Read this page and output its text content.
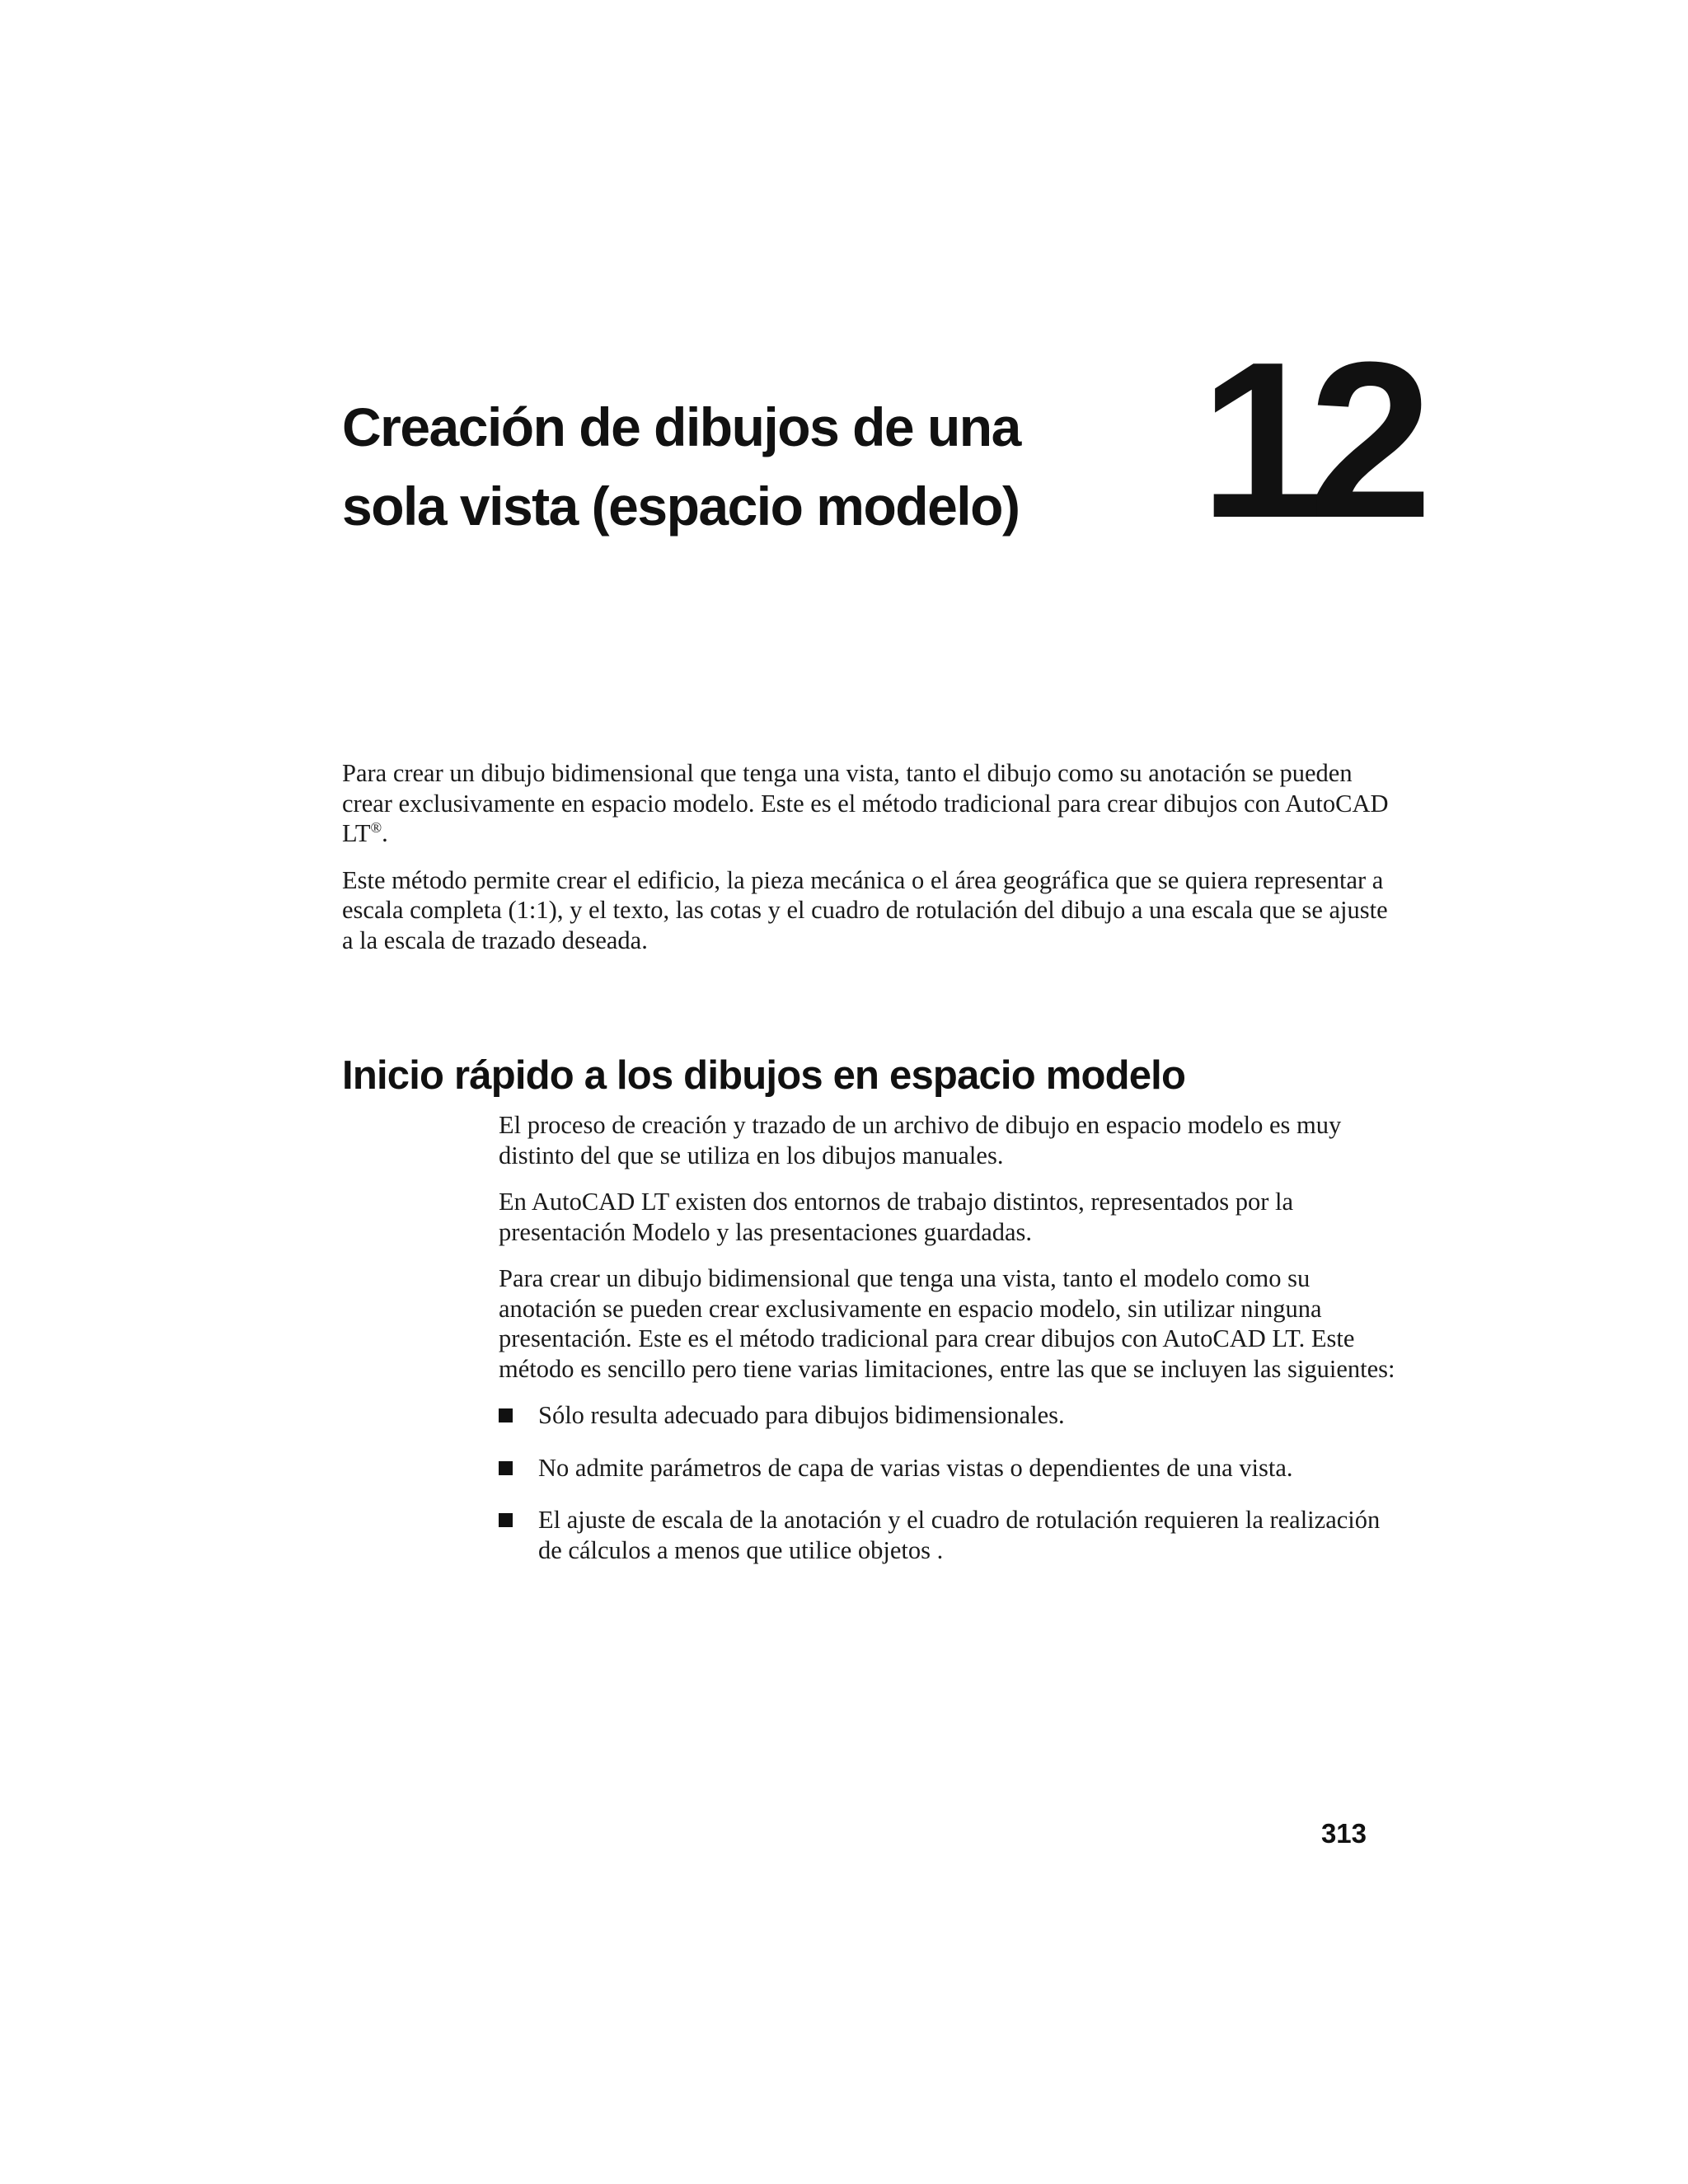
Creación de dibujos de una
sola vista (espacio modelo) 12

Para crear un dibujo bidimensional que tenga una vista, tanto el dibujo como su anotación se pueden crear exclusivamente en espacio modelo. Este es el método tradicional para crear dibujos con AutoCAD LT®.

Este método permite crear el edificio, la pieza mecánica o el área geográfica que se quiera representar a escala completa (1:1), y el texto, las cotas y el cuadro de rotulación del dibujo a una escala que se ajuste a la escala de trazado deseada.

Inicio rápido a los dibujos en espacio modelo

El proceso de creación y trazado de un archivo de dibujo en espacio modelo es muy distinto del que se utiliza en los dibujos manuales.

En AutoCAD LT existen dos entornos de trabajo distintos, representados por la presentación Modelo y las presentaciones guardadas.

Para crear un dibujo bidimensional que tenga una vista, tanto el modelo como su anotación se pueden crear exclusivamente en espacio modelo, sin utilizar ninguna presentación. Este es el método tradicional para crear dibujos con AutoCAD LT. Este método es sencillo pero tiene varias limitaciones, entre las que se incluyen las siguientes:

Sólo resulta adecuado para dibujos bidimensionales.
No admite parámetros de capa de varias vistas o dependientes de una vista.
El ajuste de escala de la anotación y el cuadro de rotulación requieren la realización de cálculos a menos que utilice objetos .
313
